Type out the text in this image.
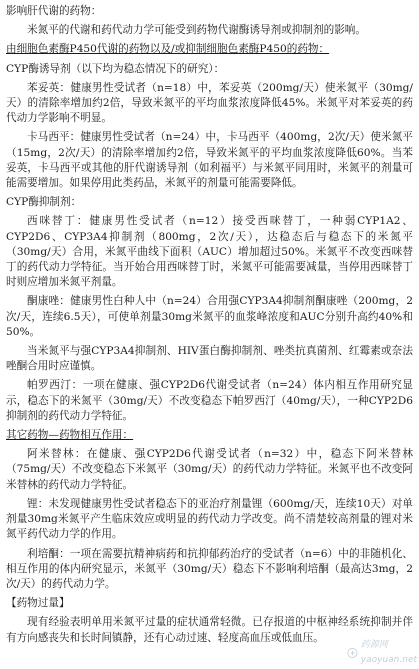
影响肝代谢的药物：

米氮平的代谢和药代动力学可能受到药物代谢酶诱导剂或抑制剂的影响。

由细胞色素酶P450代谢的药物以及/或抑制细胞色素酶P450的药物：

CYP酶诱导剂（以下均为稳态情况下的研究）：

苯妥英：健康男性受试者（n=18）中，苯妥英（200mg/天）使米氮平（30mg/天）的清除率增加约2倍，导致米氮平的平均血浆浓度降低45%。米氮平对苯妥英的药代动力学影响不明显。

卡马西平：健康男性受试者（n=24）中，卡马西平（400mg，2次/天）使米氮平（15mg，2次/天）的清除率增加约2倍，导致米氮平的平均血浆浓度降低60%。当苯妥英，卡马西平或其他的肝代谢诱导剂（如利福平）与米氮平同用时，米氮平的剂量可能需要增加。如果停用此类药品，米氮平的剂量可能需要降低。

CYP酶抑制剂：

西咪替丁：健康男性受试者（n=12）接受西咪替丁，一种弱CYP1A2、CYP2D6、CYP3A4抑制剂（800mg，2次/天），达稳态后与稳态下的米氮平（30mg/天）合用，米氮平曲线下面积（AUC）增加超过50%。米氮平不改变西咪替丁的药代动力学特征。当开始合用西咪替丁时，米氮平可能需要减量，当停用西咪替丁时则应增加米氮平剂量。

酮康唑：健康男性白种人中（n=24）合用强CYP3A4抑制剂酮康唑（200mg，2次/天，连续6.5天），可使单剂量30mg米氮平的血浆峰浓度和AUC分别升高约40%和50%。

当米氮平与强CYP3A4抑制剂、HIV蛋白酶抑制剂、唑类抗真菌剂、红霉素或奈法唑酮合用时应谨慎。

帕罗西汀：一项在健康、强CYP2D6代谢受试者（n=24）体内相互作用研究显示，稳态下的米氮平（30mg/天）不改变稳态下帕罗西汀（40mg/天），一种CYP2D6抑制剂的药代动力学特征。

其它药物—药物相互作用：

阿米替林：在健康、强CYP2D6代谢受试者（n=32）中，稳态下阿米替林（75mg/天）不改变稳态下米氮平（30mg/天）的药代动力学特征。米氮平也不改变阿米替林的药代动力学特征。

锂：未发现健康男性受试者稳态下的亚治疗剂量锂（600mg/天，连续10天）对单剂量30mg米氮平产生临床效应或明显的药代动力学改变。尚不清楚较高剂量的锂对米氮平药代动力学的作用。

利培酮：一项在需要抗精神病药和抗抑郁药治疗的受试者（n=6）中的非随机化、相互作用的体内研究显示，米氮平（30mg/天）稳态下不影响利培酮（最高达3mg，2次/天）的药代动力学。

【药物过量】

现有经验表明单用米氮平过量的症状通常轻微。已存报道的中枢神经系统抑制并伴有方向感丧失和长时间镇静，还有心动过速、轻度高血压或低血压。

药源网 yaoyuan.net
